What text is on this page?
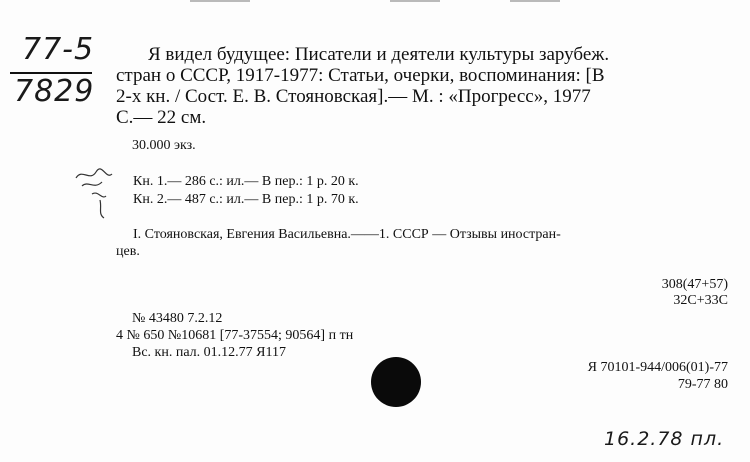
77-5
7829
Я видел будущее: Писатели и деятели культуры зарубеж.
стран о СССР, 1917-1977: Статьи, очерки, воспоминания: [В
2-х кн. / Сост. Е. В. Стояновская].— М. : «Прогресс», 1977
С.— 22 см.
30.000 экз.
Кн. 1.— 286 с.: ил.— В пер.: 1 р. 20 к.
Кн. 2.— 487 с.: ил.— В пер.: 1 р. 70 к.
I. Стояновская, Евгения Васильевна.——1. СССР — Отзывы иностран-
цев.
308(47+57)
32С+33С
№ 43480 7.2.12
4 № 650 №10681 [77-37554; 90564] п тн
Вс. кн. пал. 01.12.77 Я117
Я 70101-944/006(01)-77
79-77 80
16.2.78 пл.
